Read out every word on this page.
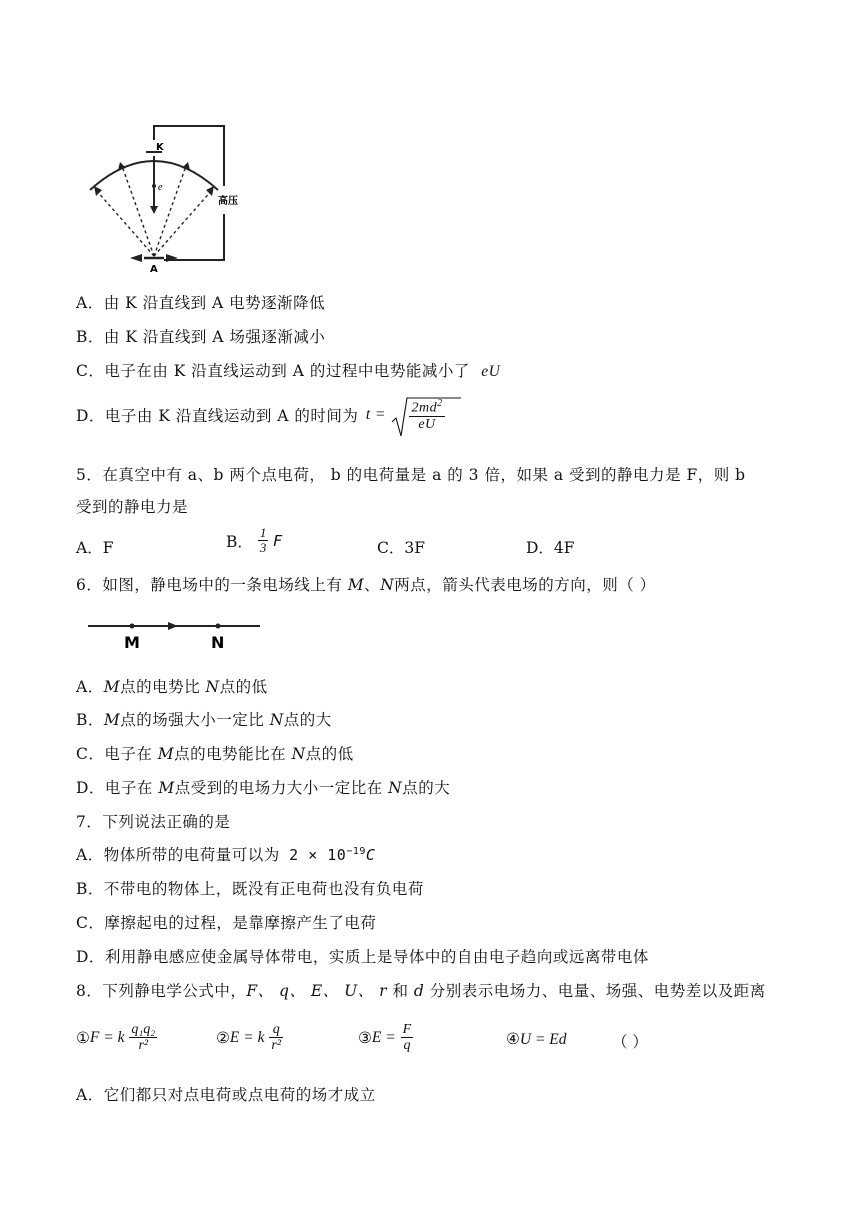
K
e
A
高压
A．由 K 沿直线到 A 电势逐渐降低
B．由 K 沿直线到 A 场强逐渐减小
C．电子在由 K 沿直线运动到 A 的过程中电势能减小了 eU
D．电子由 K 沿直线运动到 A 的时间为 $t = \frac{2md^2}{eU}$
5．在真空中有 a、b 两个点电荷， b 的电荷量是 a 的 3 倍，如果 a 受到的静电力是 F，则 b
受到的静电力是
A．F	B． $\frac{1}{3}$ F	C．3F	D．4F
6．如图，静电场中的一条电场线上有 M、N两点，箭头代表电场的方向，则（ ）
M	N
A．M点的电势比 N点的低
B．M点的场强大小一定比 N点的大
C．电子在 M点的电势能比在 N点的低
D．电子在 M点受到的电场力大小一定比在 N点的大
7．下列说法正确的是
A．物体所带的电荷量可以为 $2 \times 10^{-19}C$
B．不带电的物体上，既没有正电荷也没有负电荷
C．摩擦起电的过程，是靠摩擦产生了电荷
D．利用静电感应使金属导体带电，实质上是导体中的自由电子趋向或远离带电体
8．下列静电学公式中，F、 q、 E、 U、 r 和 d 分别表示电场力、电量、场强、电势差以及距离
①F = k $\frac{\text{q₁q₂}}{\text{r²}}$	②E = k $\frac{q}{\text{r²}}$	③E = $\frac{F}{q}$	④U = Ed	（ ）
A．它们都只对点电荷或点电荷的场才成立
